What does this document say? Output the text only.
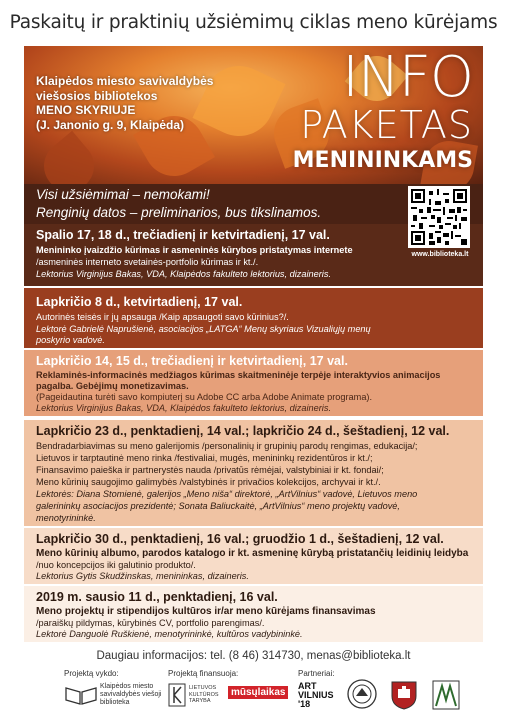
Paskaitų ir praktinių užsiėmimų ciklas meno kūrėjams
Klaipėdos miesto savivaldybės
viešosios bibliotekos
MENO SKYRIUJE
(J. Janonio g. 9, Klaipėda)
INFO
PAKETAS
MENININKAMS
Visi užsiėmimai – nemokami!
Renginių datos – preliminarios, bus tikslinamos.
Spalio 17, 18 d., trečiadienį ir ketvirtadienį, 17 val.
Menininko įvaizdžio kūrimas ir asmeninės kūrybos pristatymas internete
/asmeninės interneto svetainės-portfolio kūrimas ir kt./.
Lektorius Virginijus Bakas, VDA, Klaipėdos fakulteto lektorius, dizaineris.
www.biblioteka.lt
Lapkričio 8 d., ketvirtadienį, 17 val.
Autorinės teisės ir jų apsauga /Kaip apsaugoti savo kūrinius?/.
Lektorė Gabrielė Naprušienė, asociacijos „LATGA“ Menų skyriaus Vizualiųjų menų
poskyrio vadovė.
Lapkričio 14, 15 d., trečiadienį ir ketvirtadienį, 17 val.
Reklaminės-informacinės medžiagos kūrimas skaitmeninėje terpėje interaktyvios animacijos
pagalba. Gebėjimų monetizavimas.
(Pageidautina turėti savo kompiuterį su Adobe CC arba Adobe Animate programa).
Lektorius Virginijus Bakas, VDA, Klaipėdos fakulteto lektorius, dizaineris.
Lapkričio 23 d., penktadienį, 14 val.; lapkričio 24 d., šeštadienį, 12 val.
Bendradarbiavimas su meno galerijomis /personalinių ir grupinių parodų rengimas, edukacija/;
Lietuvos ir tarptautinė meno rinka /festivaliai, mugės, menininkų rezidentūros ir kt./;
Finansavimo paieška ir partnerystės nauda /privatūs rėmėjai, valstybiniai ir kt. fondai/;
Meno kūrinių saugojimo galimybės /valstybinės ir privačios kolekcijos, archyvai ir kt./.
Lektorės: Diana Stomienė, galerijos „Meno niša“ direktorė, „ArtVilnius“ vadovė, Lietuvos meno
galerininkų asociacijos prezidentė; Sonata Baliuckaitė, „ArtVilnius“ meno projektų vadovė,
menotyrininkė.
Lapkričio 30 d., penktadienį, 16 val.; gruodžio 1 d., šeštadienį, 12 val.
Meno kūrinių albumo, parodos katalogo ir kt. asmeninę kūrybą pristatančių leidinių leidyba
/nuo koncepcijos iki galutinio produkto/.
Lektorius Gytis Skudžinskas, menininkas, dizaineris.
2019 m. sausio 11 d., penktadienį, 16 val.
Meno projektų ir stipendijos kultūros ir/ar meno kūrėjams finansavimas
/paraiškų pildymas, kūrybinės CV, portfolio parengimas/.
Lektorė Danguolė Ruškienė, menotyrininkė, kultūros vadybininkė.
Daugiau informacijos: tel. (8 46) 314730, menas@biblioteka.lt
Projektą vykdo:
Klaipėdos miesto savivaldybės viešoji biblioteka
Projektą finansuoja:
LIETUVOS KULTŪROS TARYBA
mūsųlaikas
Partneriai:
ART VILNIUS '18
